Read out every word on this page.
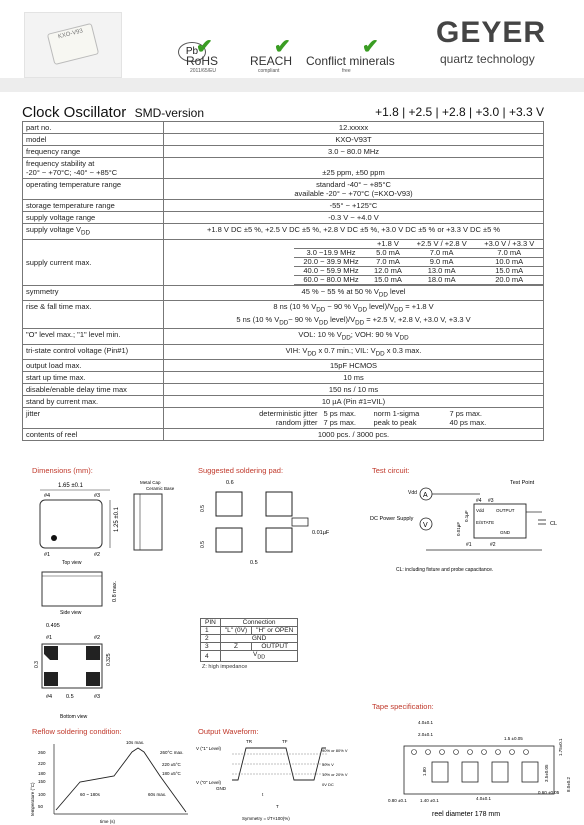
KXO-V93
Pb
✔
RoHS
2011/65/EU
✔
REACH
compliant
✔
Conflict minerals
free
GEYER
quartz technology
Clock Oscillator SMD-version	+1.8 | +2.5 | +2.8 | +3.0 | +3.3 V
part no.	12.xxxxx
model	KXO-V93T
frequency range	3.0 ~ 80.0 MHz

frequency stability at
-20° ~ +70°C; -40° ~ +85°C	±25 ppm, ±50 ppm
operating temperature range	standard -40° ~ +85°C
available -20° ~ +70°C (=KXO-V93)

storage temperature range	-55° ~ +125°C
supply voltage range	-0.3 V ~ +4.0 V
supply voltage $V_{DD}$	+1.8 V DC ±5 %, +2.5 V DC ±5 %, +2.8 V DC ±5 %, +3.0 V DC ±5 % or +3.3 V DC ±5 %
supply current max.	
	+1.8 V	+2.5 V / +2.8 V	+3.0 V / +3.3 V
3.0 ~19.9 MHz	5.0 mA	7.0 mA	7.0 mA
20.0 ~ 39.9 MHz	7.0 mA	9.0 mA	10.0 mA
40.0 ~ 59.9 MHz	12.0 mA	13.0 mA	15.0 mA
60.0 ~ 80.0 MHz	15.0 mA	18.0 mA	20.0 mA

symmetry	45 % ~ 55 % at 50 % $V_{DD}$ level
rise & fall time max.	8 ns (10 % $V_{DD}$ ~ 90 % $V_{DD}$ $level)/V_{DD} = +1.8$ V
5 ns (10 % $V_{DD}\sim$ 90 % $V_{DD}$ $level)/V_{DD} = +2.5$ V, +2.8 V, +3.0 V, +3.3 V

"O" level max.; "1" level min.	VOL: 10 % $V_{DD}$; VOH: 90 % $V_{DD}$
tri-state control voltage (Pin#1)	VIH: $V_{DD}$ x 0.7 min.; VIL: $V_{DD}$ x 0.3 max.
output load max.	15pF HCMOS
start up time max.	10 ms
disable/enable delay time max	150 ns / 10 ms
stand by current max.	10 µA (Pin #1=VIL)
jitter	deterministic jitter 5 ps max.	norm 1-sigma	7 ps max.
random jitter 7 ps max.	peak to peak	40 ps max.

contents of reel	1000 pcs. / 3000 pcs.
Dimensions (mm):	Suggested soldering pad:	Test circuit:
Reflow soldering condition:	Output Waveform:
Tape specification:
1.65 ±0.1
#4	#3
1.25 ±0.1
#1	#2
Top view
Metal Cap
Ceramic Base
0.8 max.
Side view
0.495
#1	#2
0.3	0.325
#4	0.5	#3
Bottom view
0.6
0.5
0.5
0.01µF
0.5
Test Point
Vdd A
DC Power Supply
V
#4 #3
Vdd	OUTPUT
E/STATE
GND
#1	#2
0.01µF
0.1µF
CL
CL: including fixture and probe capacitance.
PIN	Connection	
1	"L" (0V)	"H" or OPEN
2	GND	
3	Z	OUTPUT
4	$V_{DD}$
Z: high impedance
temperature (°C)
260
220
180
150
100
50
260°C max.
220 ±5°C
180 ±5°C
10s max.
60 ~ 180s	60s max.
time (s)
V ("1" Level)
V ("0" Level)
TR	TF
90% or 80% V
50% V
10% or 20% V
0V DC
GND
t
T
Symmetry = t/T×100(%)
4.0±0.1
2.0±0.1
1.5 ±0.05
1.75±0.1
3.5±0.05
8.0±0.2
1.80
0.80 ±0.1	1.40 ±0.1	4.0±0.1
0.60 ±0.05
reel diameter 178 mm
